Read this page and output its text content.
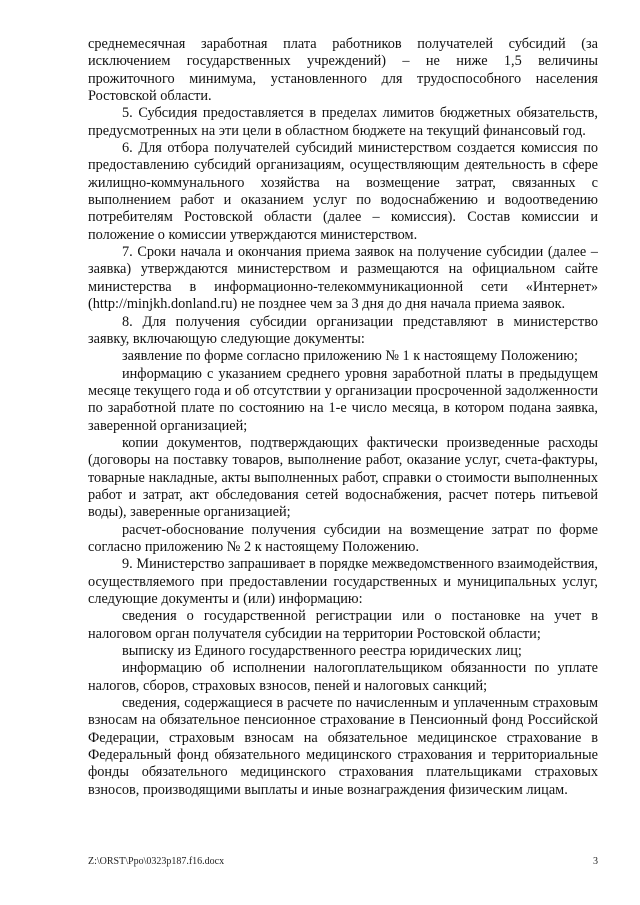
среднемесячная заработная плата работников получателей субсидий (за исключением государственных учреждений) – не ниже 1,5 величины прожиточного минимума, установленного для трудоспособного населения Ростовской области.

5. Субсидия предоставляется в пределах лимитов бюджетных обязательств, предусмотренных на эти цели в областном бюджете на текущий финансовый год.

6. Для отбора получателей субсидий министерством создается комиссия по предоставлению субсидий организациям, осуществляющим деятельность в сфере жилищно-коммунального хозяйства на возмещение затрат, связанных с выполнением работ и оказанием услуг по водоснабжению и водоотведению потребителям Ростовской области (далее – комиссия). Состав комиссии и положение о комиссии утверждаются министерством.

7. Сроки начала и окончания приема заявок на получение субсидии (далее – заявка) утверждаются министерством и размещаются на официальном сайте министерства в информационно-телекоммуникационной сети «Интернет» (http://minjkh.donland.ru) не позднее чем за 3 дня до дня начала приема заявок.

8. Для получения субсидии организации представляют в министерство заявку, включающую следующие документы:

заявление по форме согласно приложению № 1 к настоящему Положению;

информацию с указанием среднего уровня заработной платы в предыдущем месяце текущего года и об отсутствии у организации просроченной задолженности по заработной плате по состоянию на 1-е число месяца, в котором подана заявка, заверенной организацией;

копии документов, подтверждающих фактически произведенные расходы (договоры на поставку товаров, выполнение работ, оказание услуг, счета-фактуры, товарные накладные, акты выполненных работ, справки о стоимости выполненных работ и затрат, акт обследования сетей водоснабжения, расчет потерь питьевой воды), заверенные организацией;

расчет-обоснование получения субсидии на возмещение затрат по форме согласно приложению № 2 к настоящему Положению.

9. Министерство запрашивает в порядке межведомственного взаимодействия, осуществляемого при предоставлении государственных и муниципальных услуг, следующие документы и (или) информацию:

сведения о государственной регистрации или о постановке на учет в налоговом орган получателя субсидии на территории Ростовской области;

выписку из Единого государственного реестра юридических лиц;

информацию об исполнении налогоплательщиком обязанности по уплате налогов, сборов, страховых взносов, пеней и налоговых санкций;

сведения, содержащиеся в расчете по начисленным и уплаченным страховым взносам на обязательное пенсионное страхование в Пенсионный фонд Российской Федерации, страховым взносам на обязательное медицинское страхование в Федеральный фонд обязательного медицинского страхования и территориальные фонды обязательного медицинского страхования плательщиками страховых взносов, производящими выплаты и иные вознаграждения физическим лицам.

Z:\ORST\Ppo\0323p187.f16.docx	3
